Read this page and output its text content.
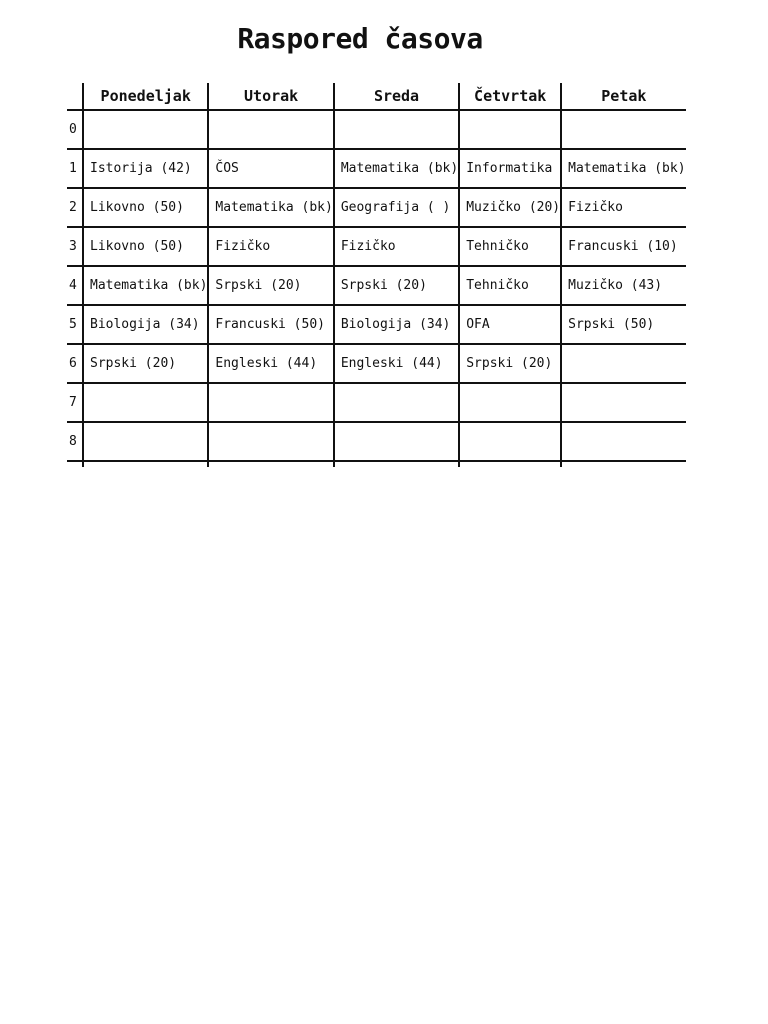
Raspored časova
	Ponedeljak	Utorak	Sreda	Četvrtak	Petak
0					
1	Istorija (42)	ČOS	Matematika (bk)	Informatika	Matematika (bk)
2	Likovno (50)	Matematika (bk)	Geografija ( )	Muzičko (20)	Fizičko
3	Likovno (50)	Fizičko	Fizičko	Tehničko	Francuski (10)
4	Matematika (bk)	Srpski (20)	Srpski (20)	Tehničko	Muzičko (43)
5	Biologija (34)	Francuski (50)	Biologija (34)	OFA	Srpski (50)
6	Srpski (20)	Engleski (44)	Engleski (44)	Srpski (20)	
7					
8					
